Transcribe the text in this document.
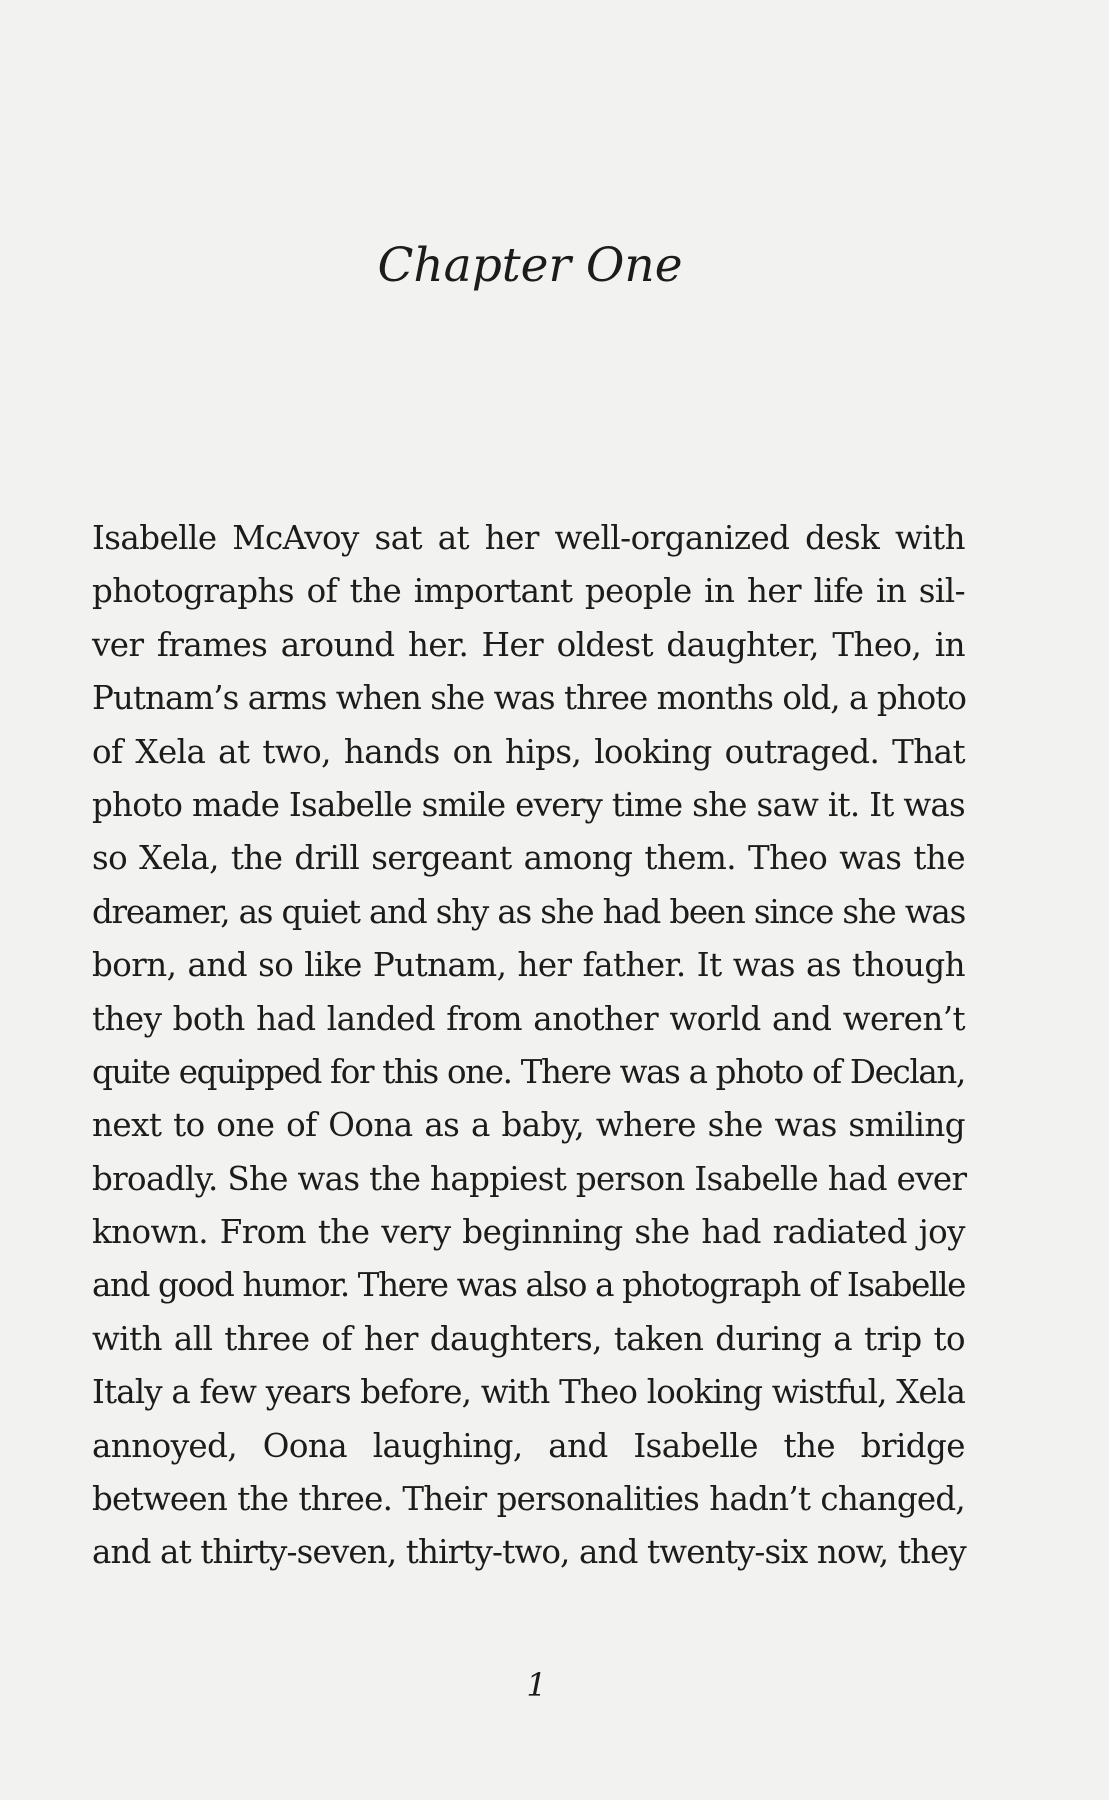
Chapter One
Isabelle McAvoy sat at her well-organized desk with
photographs of the important people in her life in sil-
ver frames around her. Her oldest daughter, Theo, in
Putnam’s arms when she was three months old, a photo
of Xela at two, hands on hips, looking outraged. That
photo made Isabelle smile every time she saw it. It was
so Xela, the drill sergeant among them. Theo was the
dreamer, as quiet and shy as she had been since she was
born, and so like Putnam, her father. It was as though
they both had landed from another world and weren’t
quite equipped for this one. There was a photo of Declan,
next to one of Oona as a baby, where she was smiling
broadly. She was the happiest person Isabelle had ever
known. From the very beginning she had radiated joy
and good humor. There was also a photograph of Isabelle
with all three of her daughters, taken during a trip to
Italy a few years before, with Theo looking wistful, Xela
annoyed, Oona laughing, and Isabelle the bridge
between the three. Their personalities hadn’t changed,
and at thirty-seven, thirty-two, and twenty-six now, they
1
